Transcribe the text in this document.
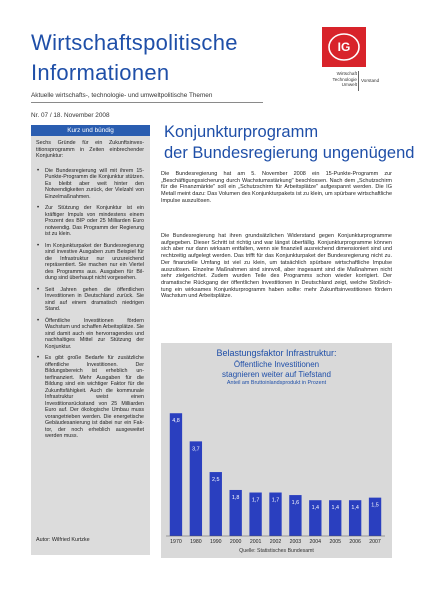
Wirtschaftspolitische
Informationen
Aktuelle wirtschafts-, technologie- und umweltpolitische Themen
IG
Wirtschaft
Technologie
Umwelt
Vorstand
Nr. 07 / 18. November 2008
Kurz und bündig
Sechs Gründe für ein Zukunftsinvestitionsprogramm in Zeiten einbrechender Konjunktur:
• Die Bundesregierung will mit ihrem 15-Punkte-Programm die Konjunktur stützen. Es bleibt aber weit hinter den Notwendigkeiten zurück, der Vielzahl von Einzelmaßnahmen.
• Zur Stützung der Konjunktur ist ein kräftiger Impuls von mindestens einem Prozent des BIP oder 25 Milliarden Euro notwendig. Das Programm der Regierung ist zu klein.
• Im Konjunkturpaket der Bundesregierung sind investive Ausgaben zum Beispiel für die Infrastruktur nur unzureichend repräsentiert. Sie machen nur ein Viertel des Programms aus. Ausgaben für Bildung sind überhaupt nicht vorgesehen.
• Seit Jahren gehen die öffentlichen Investitionen in Deutschland zurück. Sie sind auf einem dramatisch niedrigen Stand.
• Öffentliche Investitionen fördern Wachstum und schaffen Arbeitsplätze. Sie sind damit auch ein hervorragendes und nachhaltiges Mittel zur Stützung der Konjunktur.
• Es gibt große Bedarfe für zusätzliche öffentliche Investitionen. Der Bildungsbereich ist erheblich unterfinanziert. Mehr Ausgaben für die Bildung sind ein wichtiger Faktor für die Zukunftsfähigkeit. Auch die kommunale Infrastruktur weist einen Investitionsrückstand von 25 Milliarden Euro auf. Der ökologische Umbau muss vorangetrieben werden. Die energetische Gebäudesanierung ist dabei nur ein Faktor, der noch erheblich ausgeweitet werden muss.
Autor: Wilfried Kurtzke
Konjunkturprogramm
der Bundesregierung ungenügend
Die Bundesregierung hat am 5. November 2008 ein 15-Punkte-Programm zur „Beschäftigungssicherung durch Wachstumsstärkung" beschlossen. Nach dem „Schutzschirm für die Finanzmärkte" soll ein „Schutzschirm für Arbeitsplätze" aufgespannt werden. Die IG Metall meint dazu: Das Volumen des Konjunkturpakets ist zu klein, um spürbare wirtschaftliche Impulse auszulösen.
Die Bundesregierung hat ihren grundsätzlichen Widerstand gegen Konjunkturprogramme aufgegeben. Dieser Schritt ist richtig und war längst überfällig. Konjunkturprogramme können sich aber nur dann wirksam entfalten, wenn sie finanziell ausreichend dimensioniert sind und rechtzeitig aufgelegt werden. Das trifft für das Konjunkturpaket der Bundesregierung nicht zu. Der finanzielle Umfang ist viel zu klein, um tatsächlich spürbare wirtschaftliche Impulse auszulösen. Einzelne Maßnahmen sind sinnvoll, aber insgesamt sind die Maßnahmen nicht sehr zielgerichtet. Zudem wurden Teile des Programms schon wieder korrigiert. Der dramatische Rückgang der öffentlichen Investitionen in Deutschland zeigt, welche Stoßrichtung ein wirksames Konjunkturprogramm haben sollte: mehr Zukunftsinvestitionen fördern Wachstum und Arbeitsplätze.
Belastungsfaktor Infrastruktur:
Öffentliche Investitionen
stagnieren weiter auf Tiefstand
Anteil am Bruttoinlandsprodukt in Prozent
4,8
1970
3,7
1980
2,5
1990
1,8
2000
1,7
2001
1,7
2002
1,6
2003
1,4
2004
1,4
2005
1,4
2006
1,5
2007
Quelle: Statistisches Bundesamt
